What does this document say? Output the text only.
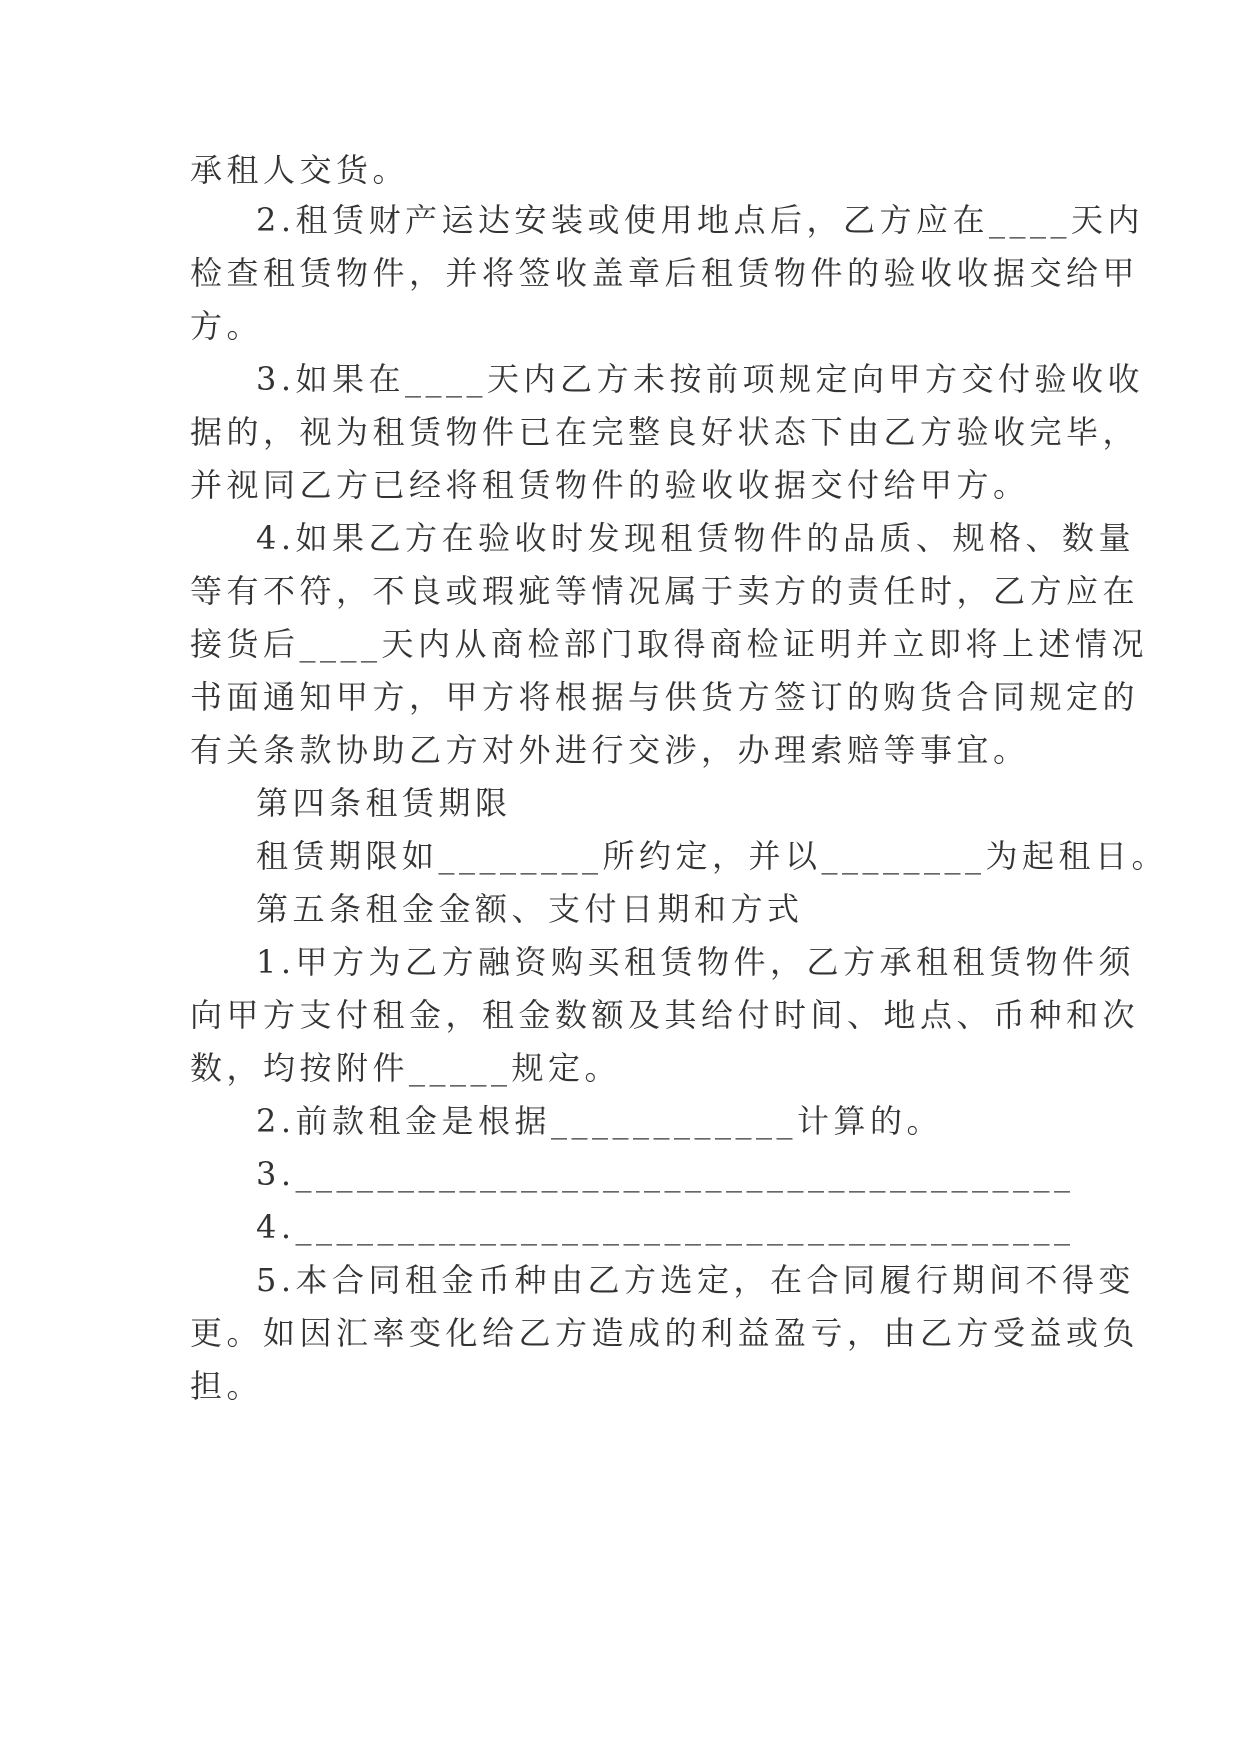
承租人交货。

2.租赁财产运达安装或使用地点后，乙方应在____天内

检查租赁物件，并将签收盖章后租赁物件的验收收据交给甲

方。

3.如果在____天内乙方未按前项规定向甲方交付验收收

据的，视为租赁物件已在完整良好状态下由乙方验收完毕，

并视同乙方已经将租赁物件的验收收据交付给甲方。

4.如果乙方在验收时发现租赁物件的品质、规格、数量

等有不符，不良或瑕疵等情况属于卖方的责任时，乙方应在

接货后____天内从商检部门取得商检证明并立即将上述情况

书面通知甲方，甲方将根据与供货方签订的购货合同规定的

有关条款协助乙方对外进行交涉，办理索赔等事宜。

第四条租赁期限

租赁期限如________所约定，并以________为起租日。

第五条租金金额、支付日期和方式

1.甲方为乙方融资购买租赁物件，乙方承租租赁物件须

向甲方支付租金，租金数额及其给付时间、地点、币种和次

数，均按附件_____规定。

2.前款租金是根据____________计算的。

3.______________________________________

4.______________________________________

5.本合同租金币种由乙方选定，在合同履行期间不得变

更。如因汇率变化给乙方造成的利益盈亏，由乙方受益或负

担。
